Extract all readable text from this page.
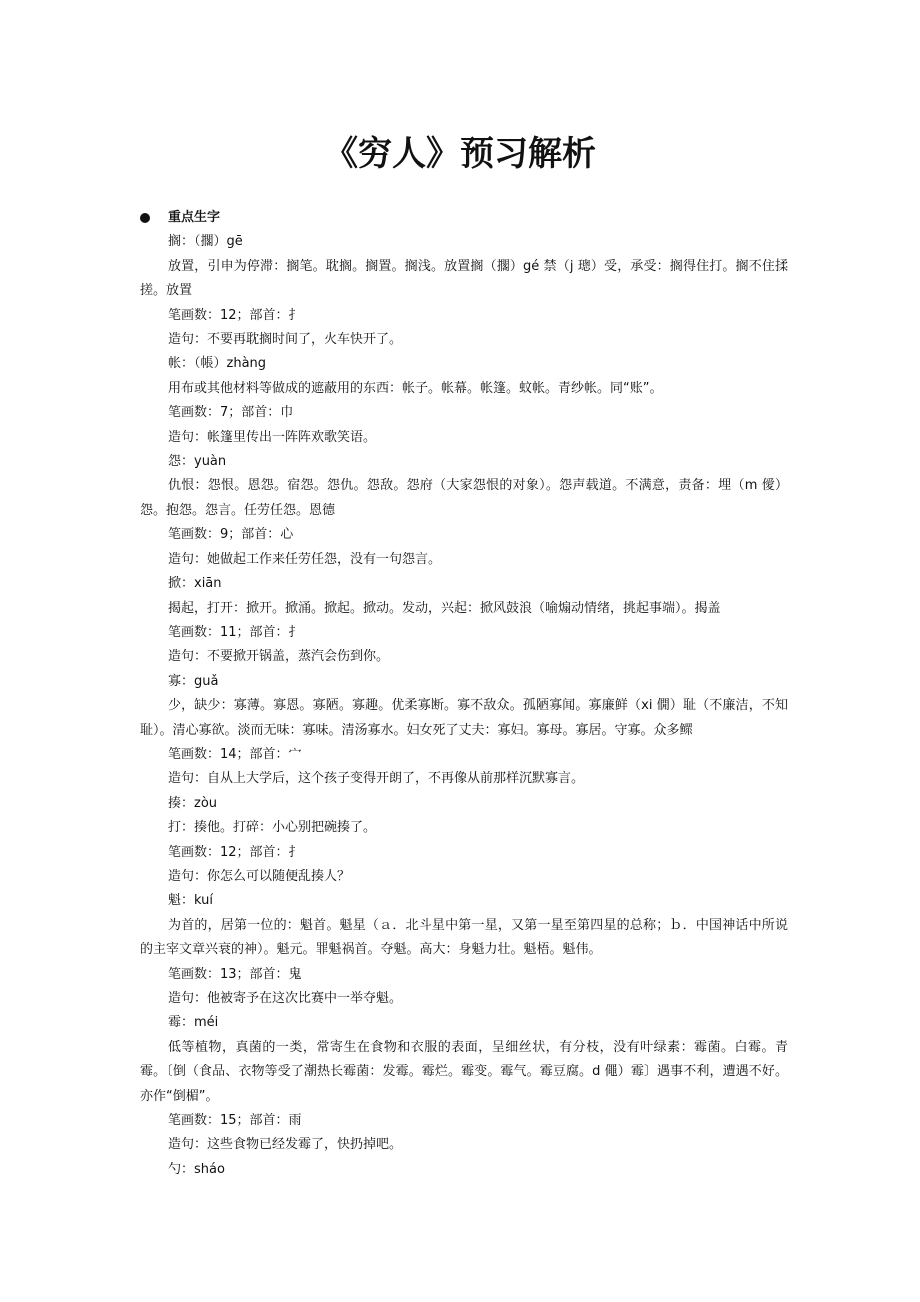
《穷人》预习解析
重点生字

搁：（擱）gē

放置，引申为停滞：搁笔。耽搁。搁置。搁浅。放置搁（擱）gé 禁（j 璁）受，承受：搁得住打。搁不住揉搓。放置

笔画数：12；部首：扌

造句：不要再耽搁时间了，火车快开了。

帐：（帳）zhàng

用布或其他材料等做成的遮蔽用的东西：帐子。帐幕。帐篷。蚊帐。青纱帐。同“账”。

笔画数：7；部首：巾

造句：帐篷里传出一阵阵欢歌笑语。

怨：yuàn

仇恨：怨恨。恩怨。宿怨。怨仇。怨敌。怨府（大家怨恨的对象）。怨声载道。不满意，责备：埋（m 僾）怨。抱怨。怨言。任劳任怨。恩德

笔画数：9；部首：心

造句：她做起工作来任劳任怨，没有一句怨言。

掀：xiān

揭起，打开：掀开。掀涌。掀起。掀动。发动，兴起：掀风鼓浪（喻煽动情绪，挑起事端）。揭盖

笔画数：11；部首：扌

造句：不要掀开锅盖，蒸汽会伤到你。

寡：guǎ

少，缺少：寡薄。寡恩。寡陋。寡趣。优柔寡断。寡不敌众。孤陋寡闻。寡廉鲜（xi 僩）耻（不廉洁，不知耻）。清心寡欲。淡而无味：寡味。清汤寡水。妇女死了丈夫：寡妇。寡母。寡居。守寡。众多鳏

笔画数：14；部首：宀

造句：自从上大学后，这个孩子变得开朗了，不再像从前那样沉默寡言。

揍：zòu

打：揍他。打碎：小心别把碗揍了。

笔画数：12；部首：扌

造句：你怎么可以随便乱揍人？

魁：kuí

为首的，居第一位的：魁首。魁星（ａ．北斗星中第一星，又第一星至第四星的总称；ｂ．中国神话中所说的主宰文章兴衰的神）。魁元。罪魁祸首。夺魁。高大：身魁力壮。魁梧。魁伟。

笔画数：13；部首：鬼

造句：他被寄予在这次比赛中一举夺魁。

霉：méi

低等植物，真菌的一类，常寄生在食物和衣服的表面，呈细丝状，有分枝，没有叶绿素：霉菌。白霉。青霉。〔倒（食品、衣物等受了潮热长霉菌：发霉。霉烂。霉变。霉气。霉豆腐。d 僶）霉〕遇事不利，遭遇不好。亦作“倒楣”。

笔画数：15；部首：雨

造句：这些食物已经发霉了，快扔掉吧。

勺：sháo
